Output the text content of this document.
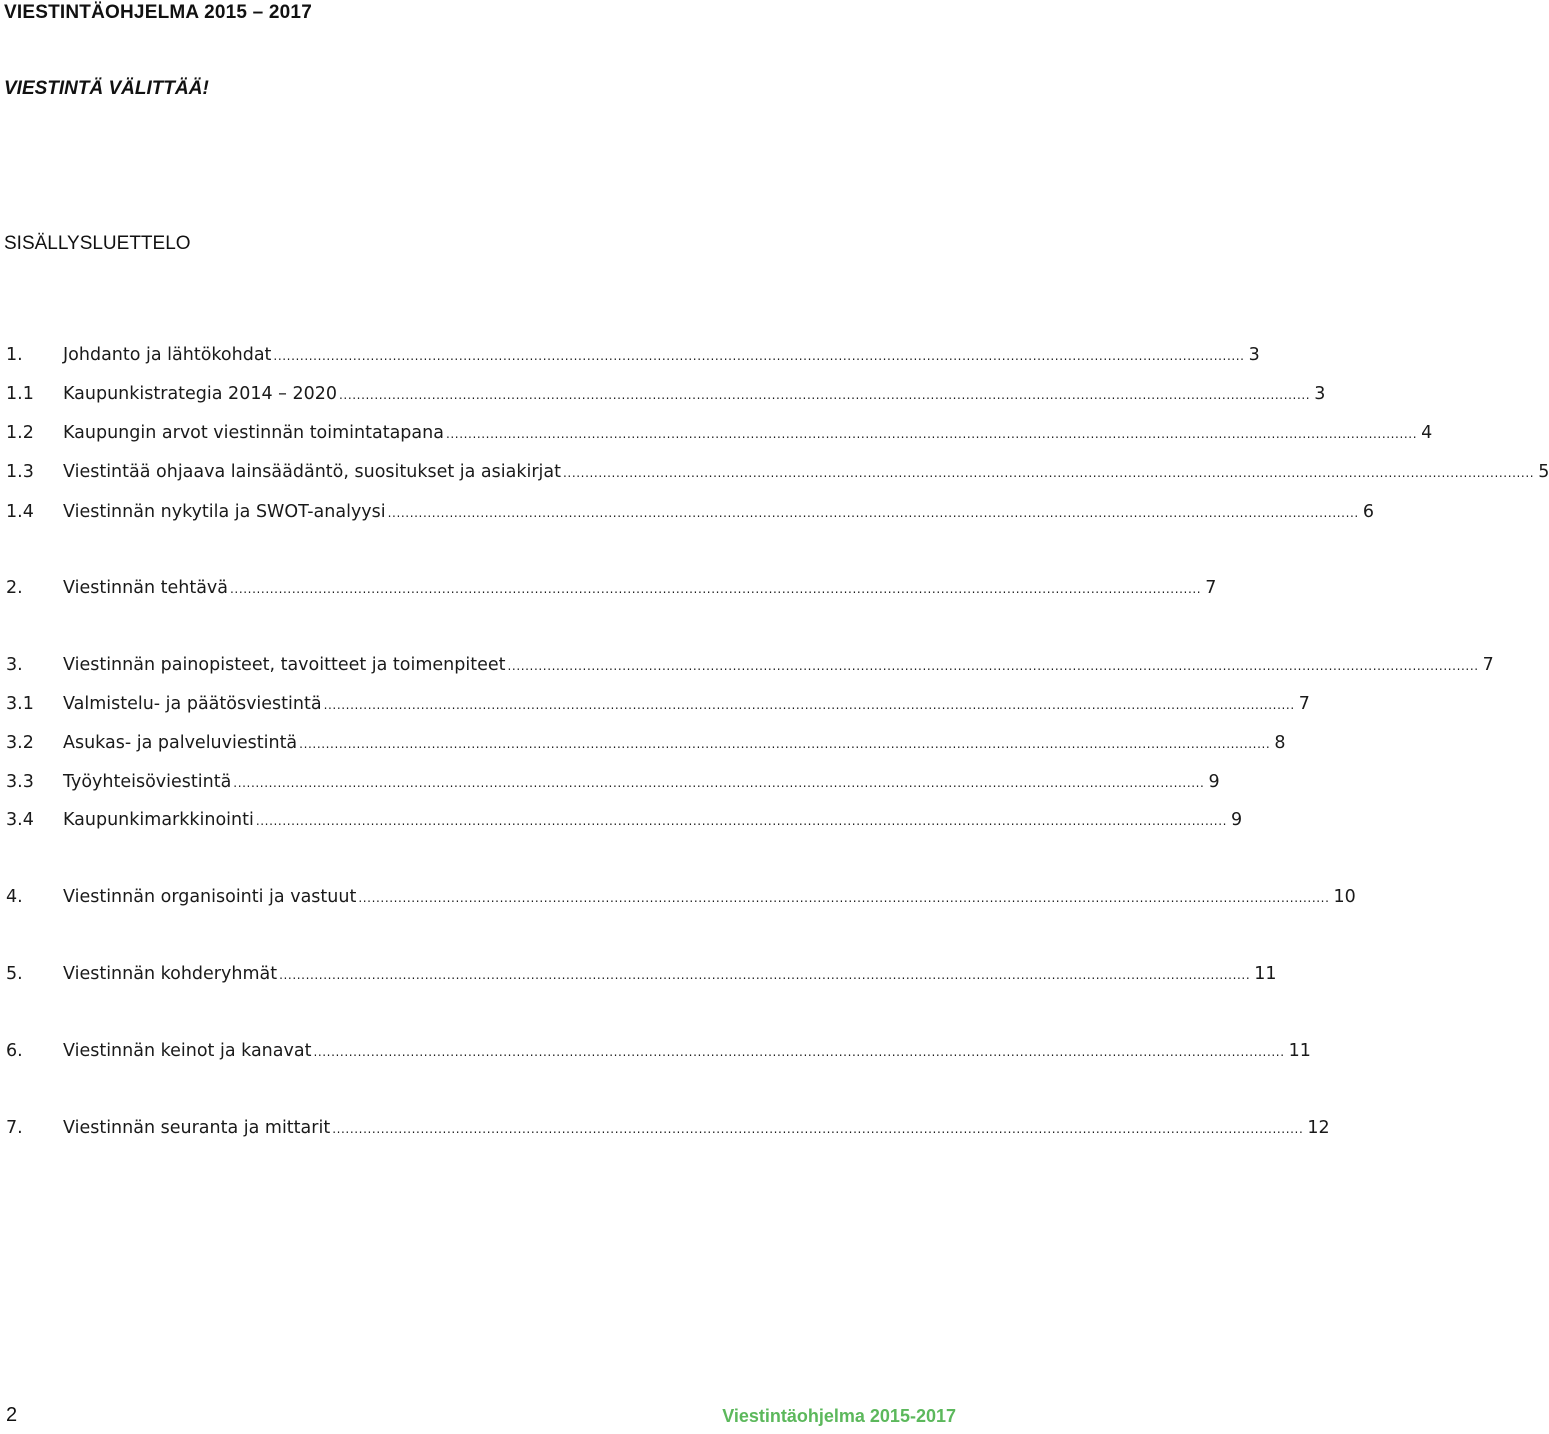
VIESTINTÄOHJELMA 2015 – 2017
VIESTINTÄ VÄLITTÄÄ!
SISÄLLYSLUETTELO
1.	Johdanto ja lähtökohdat ............................................................................................................................................................................................................................ 3
1.1	Kaupunkistrategia 2014 – 2020 ............................................................................................................................................................................................................................ 3
1.2	Kaupungin arvot viestinnän toimintatapana ............................................................................................................................................................................................................................ 4
1.3	Viestintää ohjaava lainsäädäntö, suositukset ja asiakirjat ............................................................................................................................................................................................................................ 5
1.4	Viestinnän nykytila ja SWOT-analyysi ............................................................................................................................................................................................................................ 6
2.	Viestinnän tehtävä ............................................................................................................................................................................................................................ 7
3.	Viestinnän painopisteet, tavoitteet ja toimenpiteet ............................................................................................................................................................................................................................ 7
3.1	Valmistelu- ja päätösviestintä ............................................................................................................................................................................................................................ 7
3.2	Asukas- ja palveluviestintä ............................................................................................................................................................................................................................ 8
3.3	Työyhteisöviestintä ............................................................................................................................................................................................................................ 9
3.4	Kaupunkimarkkinointi ............................................................................................................................................................................................................................ 9
4.	Viestinnän organisointi ja vastuut ............................................................................................................................................................................................................................ 10
5.	Viestinnän kohderyhmät ............................................................................................................................................................................................................................ 11
6.	Viestinnän keinot ja kanavat ............................................................................................................................................................................................................................ 11
7.	Viestinnän seuranta ja mittarit ............................................................................................................................................................................................................................ 12
2	Viestintäohjelma 2015-2017
